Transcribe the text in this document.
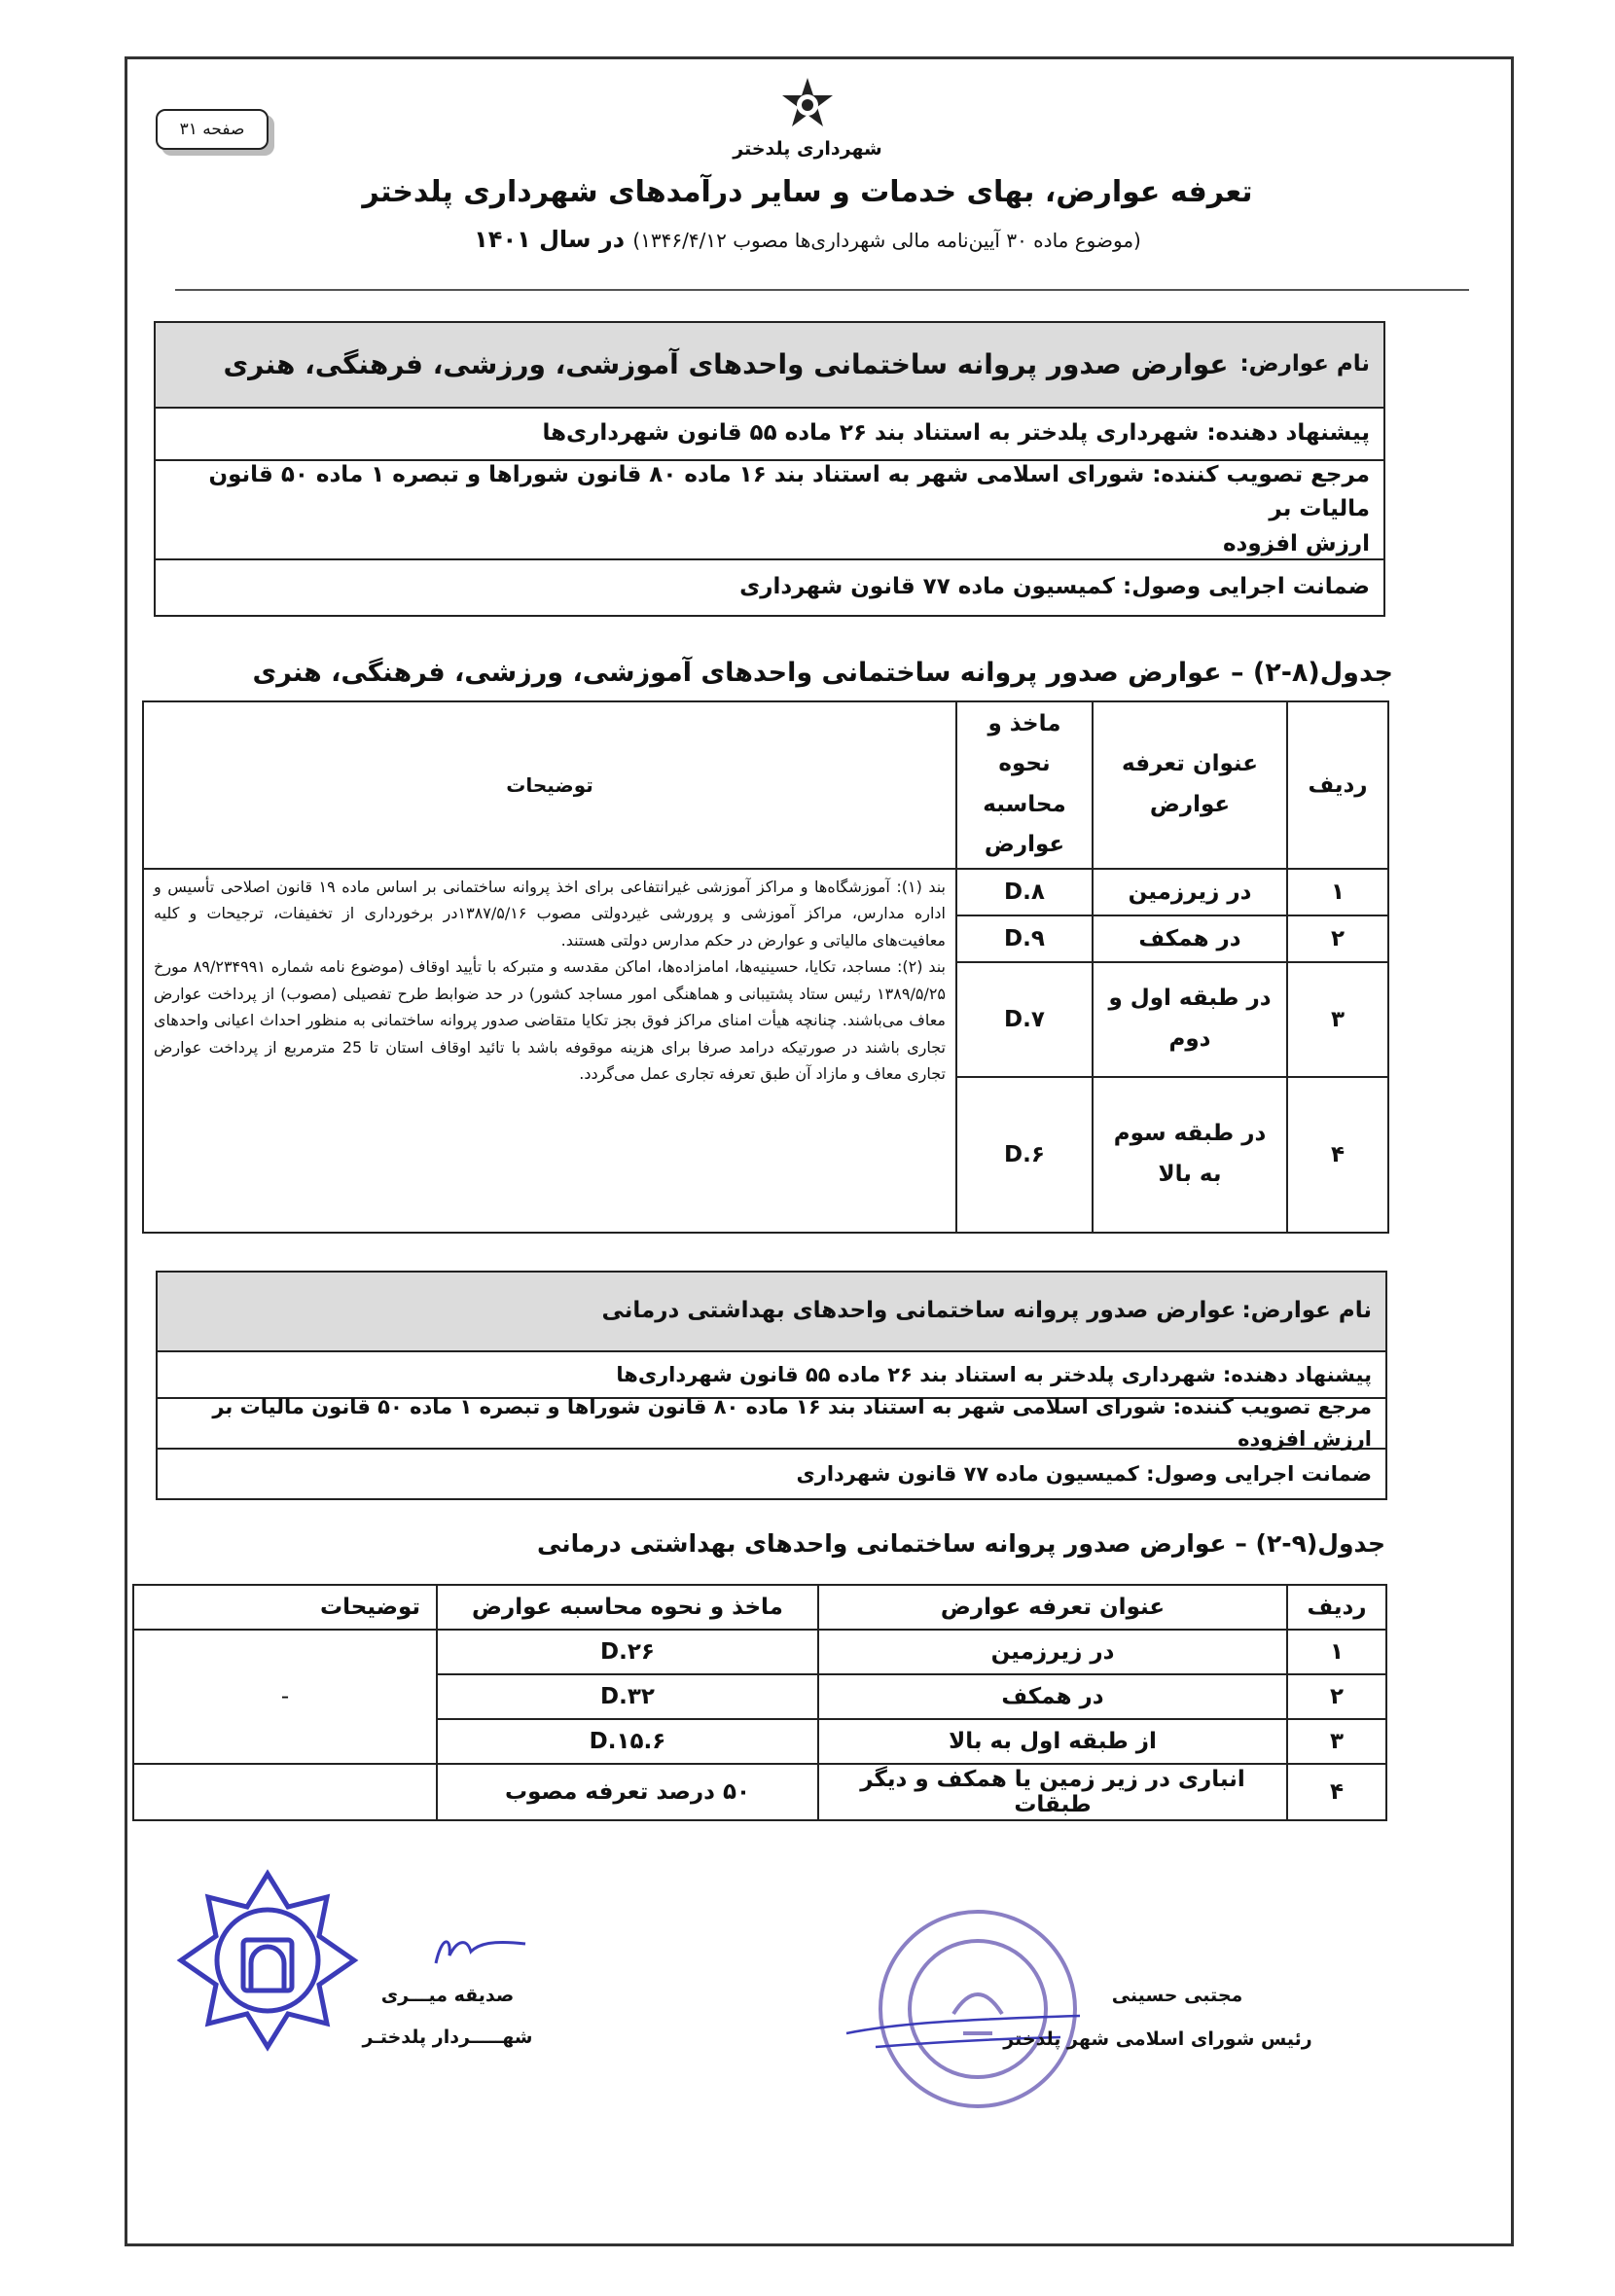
صفحه ۳۱
شهرداری پلدختر
تعرفه عوارض، بهای خدمات و سایر درآمدهای شهرداری پلدختر
(موضوع ماده ۳۰ آیین‌نامه مالی شهرداری‌ها مصوب ۱۳۴۶/۴/۱۲) در سال ۱۴۰۱
نام عوارض:
عوارض صدور پروانه ساختمانی واحدهای آموزشی، ورزشی، فرهنگی، هنری
پیشنهاد دهنده: شهرداری پلدختر به استناد بند ۲۶ ماده ۵۵ قانون شهرداری‌ها
مرجع تصویب کننده: شورای اسلامی شهر به استناد بند ۱۶ ماده ۸۰ قانون شوراها و تبصره ۱ ماده ۵۰ قانون مالیات بر
ارزش افزوده
ضمانت اجرایی وصول: کمیسیون ماده ۷۷ قانون شهرداری
جدول(۸-۲) – عوارض صدور پروانه ساختمانی واحدهای آموزشی، ورزشی، فرهنگی، هنری
ردیف	عنوان تعرفه عوارض	ماخذ و نحوه محاسبه عوارض	توضیحات
۱	در زیرزمین	۸.D	بند (۱): آموزشگاه‌ها و مراکز آموزشی غیرانتفاعی برای اخذ پروانه ساختمانی بر اساس ماده ۱۹ قانون اصلاحی تأسیس و اداره مدارس، مراکز آموزشی و پرورشی غیردولتی مصوب ۱۳۸۷/۵/۱۶در برخورداری از تخفیفات، ترجیحات و کلیه معافیت‌های مالیاتی و عوارض در حکم مدارس دولتی هستند.

بند (۲): مساجد، تکایا، حسینیه‌ها، امامزاده‌ها، اماکن مقدسه و متبرکه با تأیید اوقاف (موضوع نامه شماره ۸۹/۲۳۴۹۹۱ مورخ ۱۳۸۹/۵/۲۵ رئیس ستاد پشتیبانی و هماهنگی امور مساجد کشور) در حد ضوابط طرح تفصیلی (مصوب) از پرداخت عوارض معاف می‌باشند. چنانچه هیأت امنای مراکز فوق بجز تکایا متقاضی صدور پروانه ساختمانی به منظور احداث اعیانی واحدهای تجاری باشند در صورتیکه درامد صرفا برای هزینه موقوفه باشد با تائید اوقاف استان تا 25 مترمربع از پرداخت عوارض تجاری معاف و مازاد آن طبق تعرفه تجاری عمل می‌گردد.

۲	در همکف	۹.D	
۳	در طبقه اول و دوم	۷.D	
۴	در طبقه سوم به بالا	۶.D	
نام عوارض:عوارض صدور پروانه ساختمانی واحدهای بهداشتی درمانی
پیشنهاد دهنده: شهرداری پلدختر به استناد بند ۲۶ ماده ۵۵ قانون شهرداری‌ها
مرجع تصویب کننده: شورای اسلامی شهر به استناد بند ۱۶ ماده ۸۰ قانون شوراها و تبصره ۱ ماده ۵۰ قانون مالیات بر ارزش افزوده
ضمانت اجرایی وصول: کمیسیون ماده ۷۷ قانون شهرداری
جدول(۹-۲) – عوارض صدور پروانه ساختمانی واحدهای بهداشتی درمانی
ردیف	عنوان تعرفه عوارض	ماخذ و نحوه محاسبه عوارض	توضیحات
۱	در زیرزمین	۲۶.D	-
۲	در همکف	۳۲.D	
۳	از طبقه اول به بالا	۱۵.۶.D	
۴	انباری در زیر زمین یا همکف و دیگر طبقات	۵۰ درصد تعرفه مصوب	
صدیقه میـــری
شهـــــردار پلدختـر
مجتبی حسینی
رئیس شورای اسلامی شهر پلدختر
